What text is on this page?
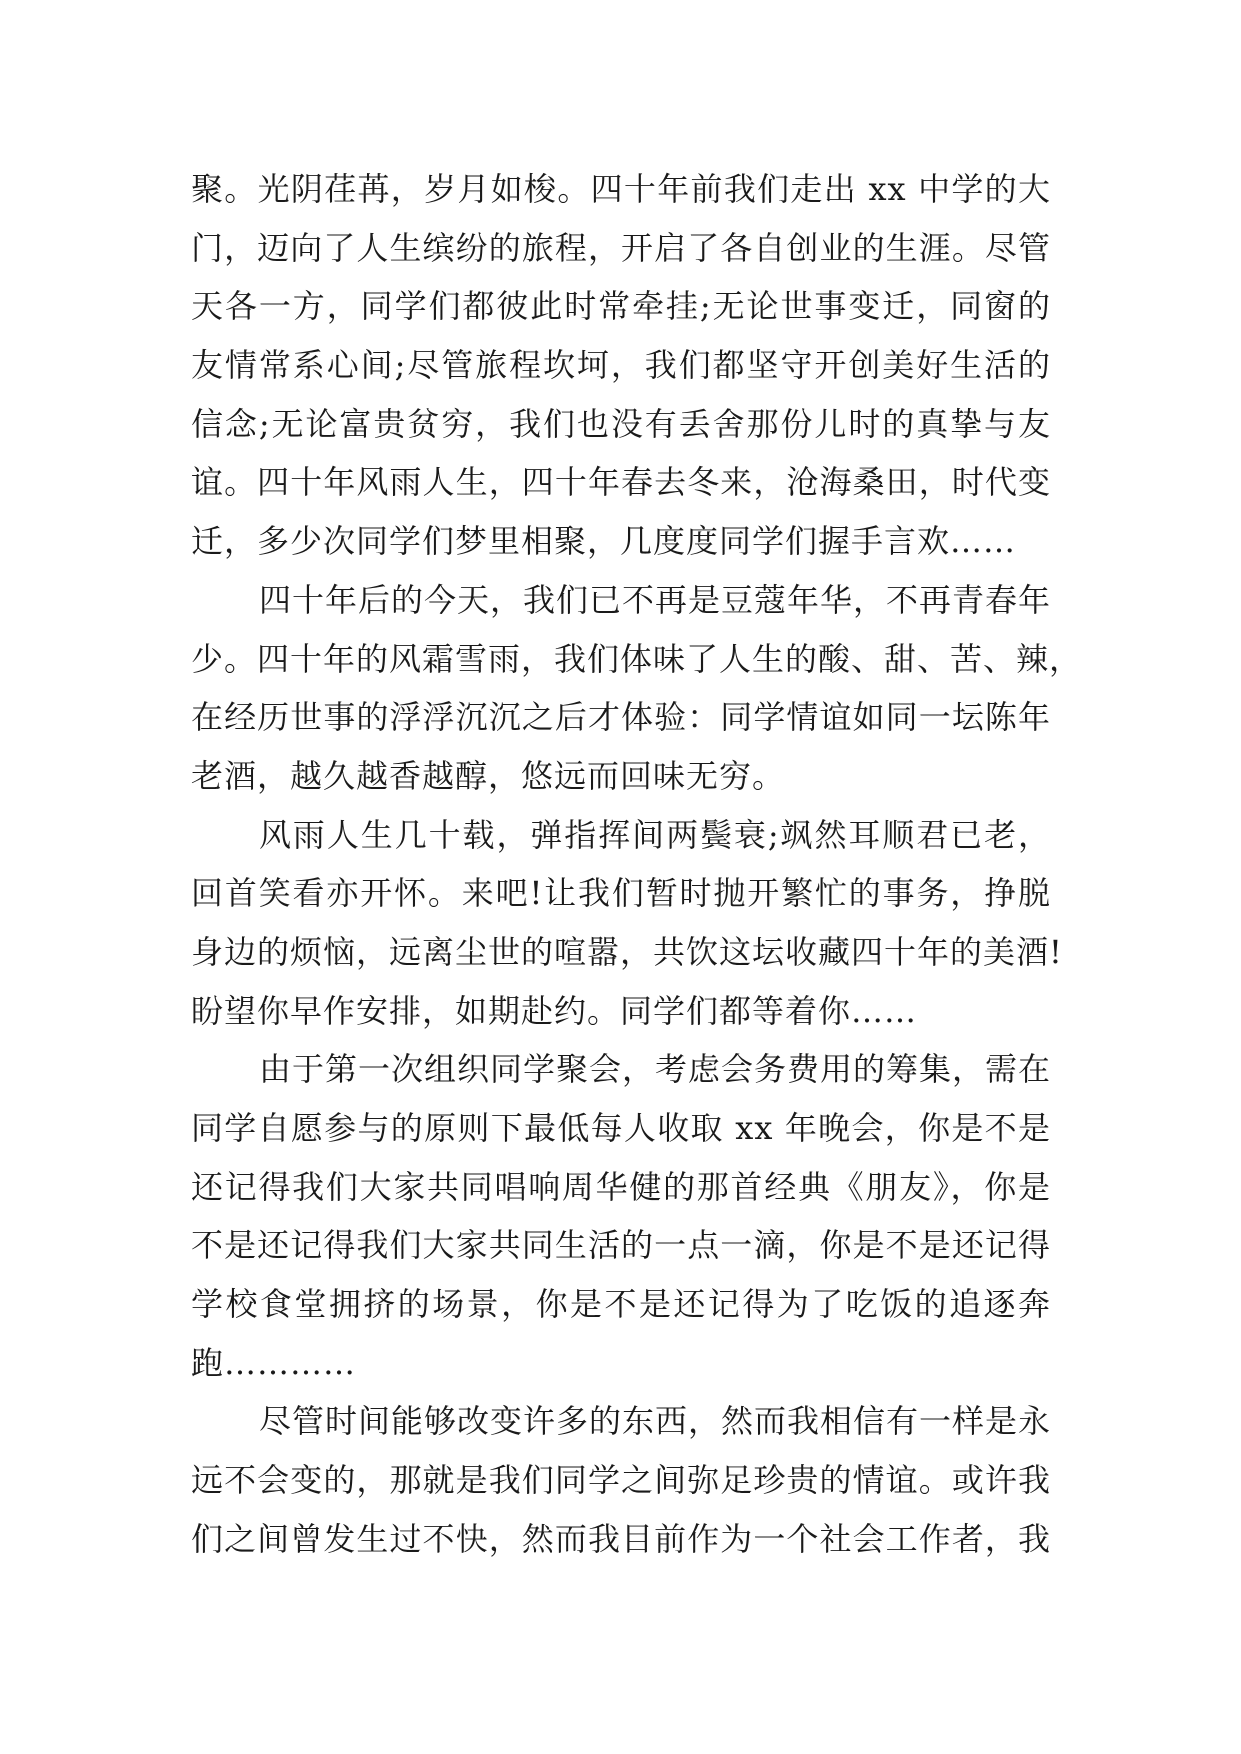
聚。光阴荏苒，岁月如梭。四十年前我们走出 xx 中学的大
门，迈向了人生缤纷的旅程，开启了各自创业的生涯。尽管
天各一方，同学们都彼此时常牵挂;无论世事变迁，同窗的
友情常系心间;尽管旅程坎坷，我们都坚守开创美好生活的
信念;无论富贵贫穷，我们也没有丢舍那份儿时的真挚与友
谊。四十年风雨人生，四十年春去冬来，沧海桑田，时代变
迁，多少次同学们梦里相聚，几度度同学们握手言欢……
四十年后的今天，我们已不再是豆蔻年华，不再青春年
少。四十年的风霜雪雨，我们体味了人生的酸、甜、苦、辣，
在经历世事的浮浮沉沉之后才体验：同学情谊如同一坛陈年
老酒，越久越香越醇，悠远而回味无穷。
风雨人生几十载，弹指挥间两鬓衰;飒然耳顺君已老，
回首笑看亦开怀。来吧!让我们暂时抛开繁忙的事务，挣脱
身边的烦恼，远离尘世的喧嚣，共饮这坛收藏四十年的美酒!
盼望你早作安排，如期赴约。同学们都等着你……
由于第一次组织同学聚会，考虑会务费用的筹集，需在
同学自愿参与的原则下最低每人收取 xx 年晚会，你是不是
还记得我们大家共同唱响周华健的那首经典《朋友》，你是
不是还记得我们大家共同生活的一点一滴，你是不是还记得
学校食堂拥挤的场景，你是不是还记得为了吃饭的追逐奔
跑…………
尽管时间能够改变许多的东西，然而我相信有一样是永
远不会变的，那就是我们同学之间弥足珍贵的情谊。或许我
们之间曾发生过不快，然而我目前作为一个社会工作者，我
